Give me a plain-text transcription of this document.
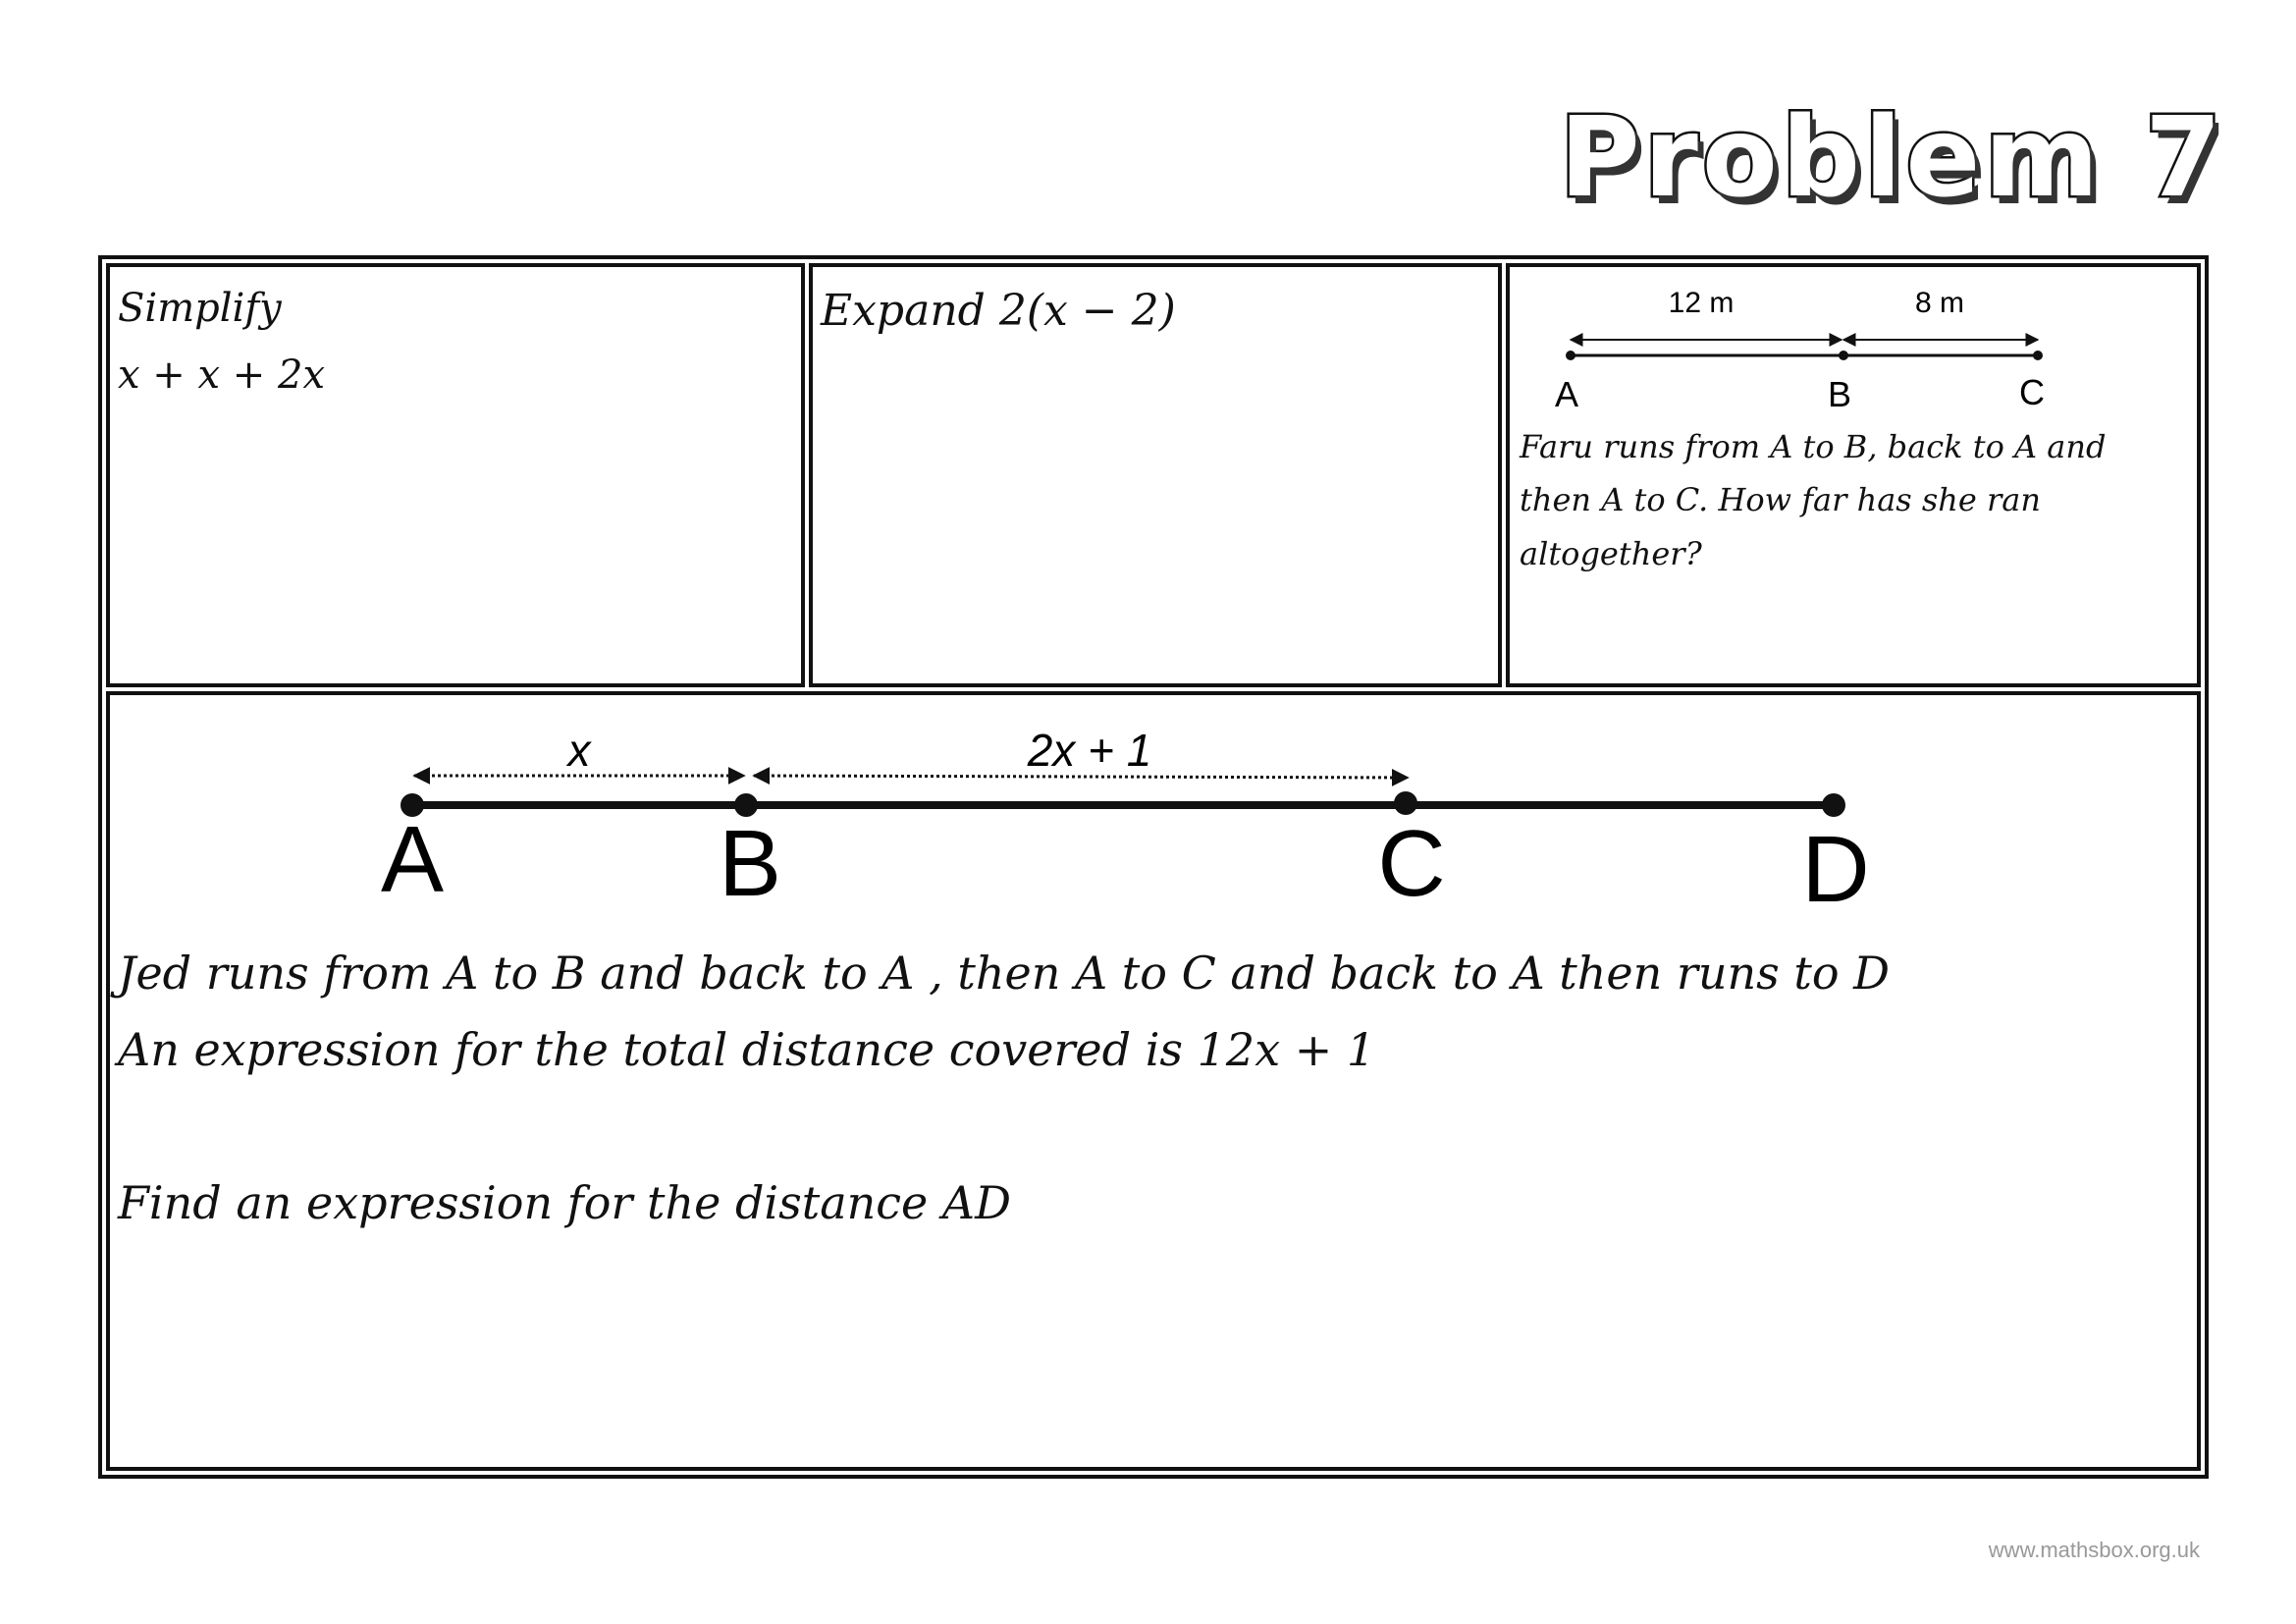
Problem 7
Simplify
x + x + 2x
Expand 2(x − 2)	12 m	8 m
A	B	C
Faru runs from A to B, back to A and
then A to C. How far has she ran
altogether?
x	2x + 1
A	B	C	D
Jed runs from A to B and back to A , then A to C and back to A then runs to D
An expression for the total distance covered is 12x + 1
Find an expression for the distance AD
www.mathsbox.org.uk
